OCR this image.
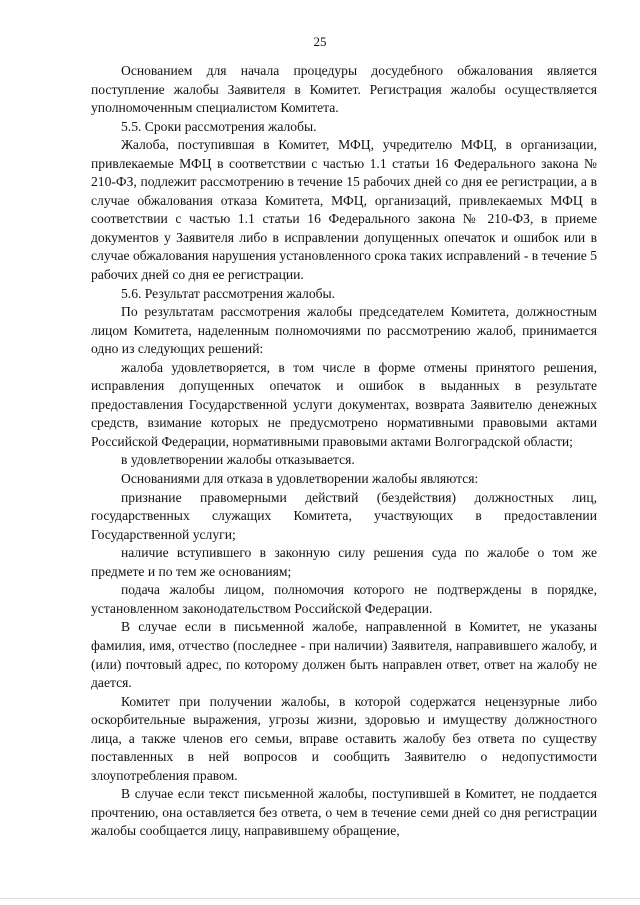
25

Основанием для начала процедуры досудебного обжалования является поступление жалобы Заявителя в Комитет. Регистрация жалобы осуществляется уполномоченным специалистом Комитета.

5.5. Сроки рассмотрения жалобы.

Жалоба, поступившая в Комитет, МФЦ, учредителю МФЦ, в организации, привлекаемые МФЦ в соответствии с частью 1.1 статьи 16 Федерального закона № 210-ФЗ, подлежит рассмотрению в течение 15 рабочих дней со дня ее регистрации, а в случае обжалования отказа Комитета, МФЦ, организаций, привлекаемых МФЦ в соответствии с частью 1.1 статьи 16 Федерального закона № 210-ФЗ, в приеме документов у Заявителя либо в исправлении допущенных опечаток и ошибок или в случае обжалования нарушения установленного срока таких исправлений - в течение 5 рабочих дней со дня ее регистрации.

5.6. Результат рассмотрения жалобы.

По результатам рассмотрения жалобы председателем Комитета, должностным лицом Комитета, наделенным полномочиями по рассмотрению жалоб, принимается одно из следующих решений:

жалоба удовлетворяется, в том числе в форме отмены принятого решения, исправления допущенных опечаток и ошибок в выданных в результате предоставления Государственной услуги документах, возврата Заявителю денежных средств, взимание которых не предусмотрено нормативными правовыми актами Российской Федерации, нормативными правовыми актами Волгоградской области;

в удовлетворении жалобы отказывается.

Основаниями для отказа в удовлетворении жалобы являются:

признание правомерными действий (бездействия) должностных лиц, государственных служащих Комитета, участвующих в предоставлении Государственной услуги;

наличие вступившего в законную силу решения суда по жалобе о том же предмете и по тем же основаниям;

подача жалобы лицом, полномочия которого не подтверждены в порядке, установленном законодательством Российской Федерации.

В случае если в письменной жалобе, направленной в Комитет, не указаны фамилия, имя, отчество (последнее - при наличии) Заявителя, направившего жалобу, и (или) почтовый адрес, по которому должен быть направлен ответ, ответ на жалобу не дается.

Комитет при получении жалобы, в которой содержатся нецензурные либо оскорбительные выражения, угрозы жизни, здоровью и имуществу должностного лица, а также членов его семьи, вправе оставить жалобу без ответа по существу поставленных в ней вопросов и сообщить Заявителю о недопустимости злоупотребления правом.

В случае если текст письменной жалобы, поступившей в Комитет, не поддается прочтению, она оставляется без ответа, о чем в течение семи дней со дня регистрации жалобы сообщается лицу, направившему обращение,
